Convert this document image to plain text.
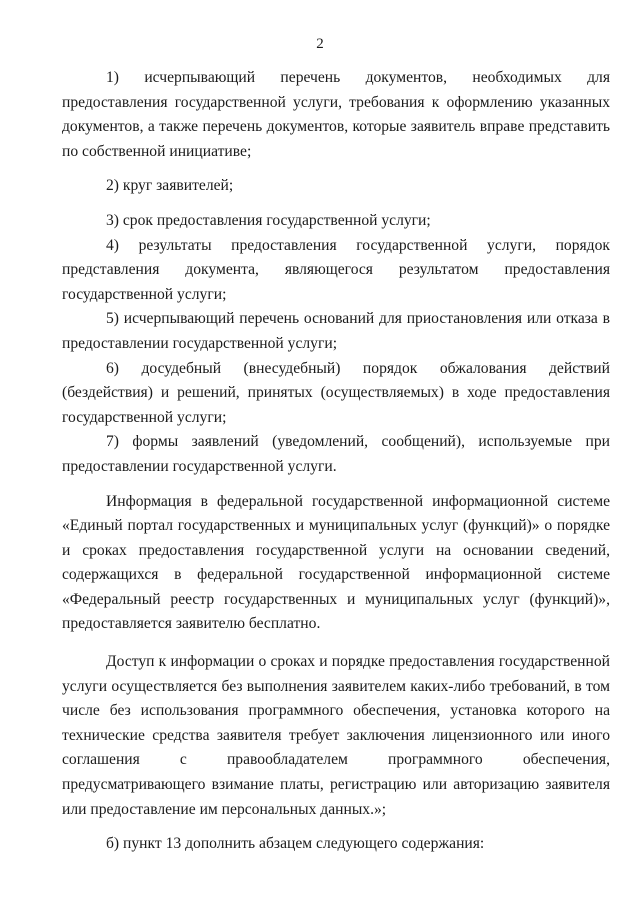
2

1) исчерпывающий перечень документов, необходимых для предоставления государственной услуги, требования к оформлению указанных документов, а также перечень документов, которые заявитель вправе представить по собственной инициативе;

2) круг заявителей;

3) срок предоставления государственной услуги;

4) результаты предоставления государственной услуги, порядок представления документа, являющегося результатом предоставления государственной услуги;

5) исчерпывающий перечень оснований для приостановления или отказа в предоставлении государственной услуги;

6) досудебный (внесудебный) порядок обжалования действий (бездействия) и решений, принятых (осуществляемых) в ходе предоставления государственной услуги;

7) формы заявлений (уведомлений, сообщений), используемые при предоставлении государственной услуги.

Информация в федеральной государственной информационной системе «Единый портал государственных и муниципальных услуг (функций)» о порядке и сроках предоставления государственной услуги на основании сведений, содержащихся в федеральной государственной информационной системе «Федеральный реестр государственных и муниципальных услуг (функций)», предоставляется заявителю бесплатно.

Доступ к информации о сроках и порядке предоставления государственной услуги осуществляется без выполнения заявителем каких-либо требований, в том числе без использования программного обеспечения, установка которого на технические средства заявителя требует заключения лицензионного или иного соглашения с правообладателем программного обеспечения, предусматривающего взимание платы, регистрацию или авторизацию заявителя или предоставление им персональных данных.»;

б) пункт 13 дополнить абзацем следующего содержания:
